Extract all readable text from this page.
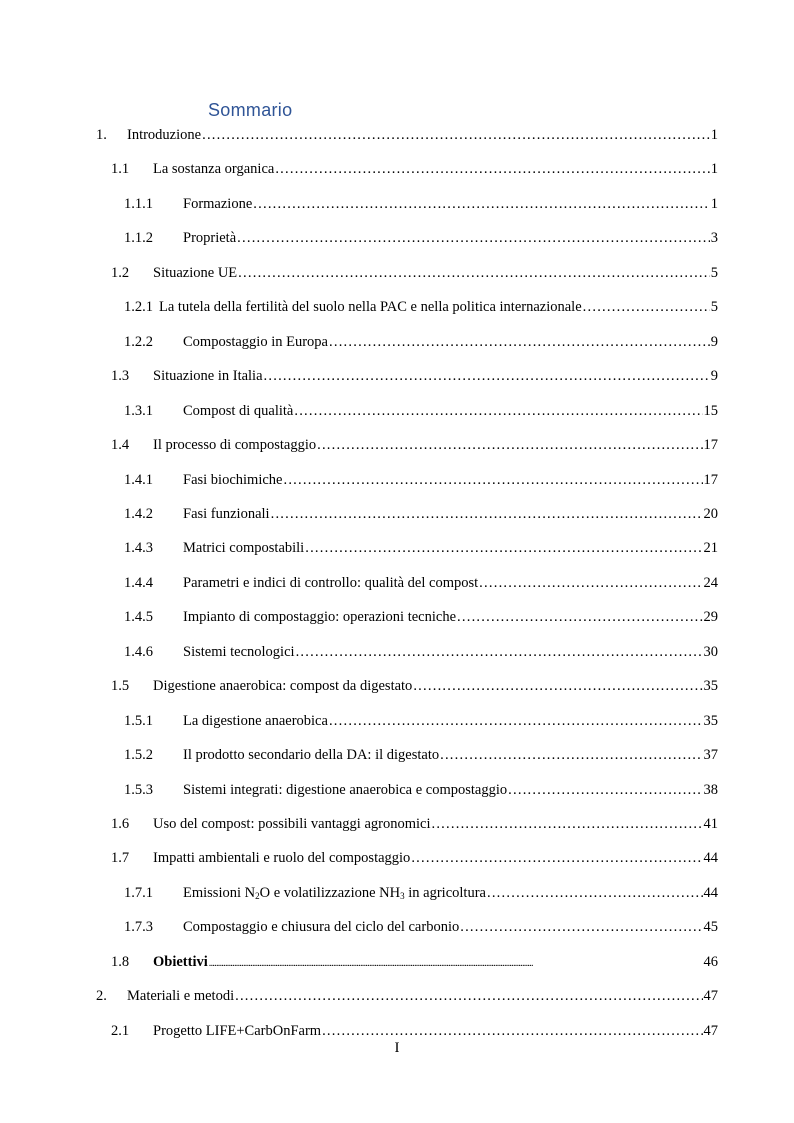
Sommario
1. Introduzione . . .	1
1.1 La sostanza organica . . .	1
1.1.1 Formazione . . .	1
1.1.2 Proprietà . . .	3
1.2 Situazione UE . . .	5
1.2.1 La tutela della fertilità del suolo nella PAC e nella politica internazionale . . .	5
1.2.2 Compostaggio in Europa . . .	9
1.3 Situazione in Italia . . .	9
1.3.1 Compost di qualità . . .	15
1.4 Il processo di compostaggio . . .	17
1.4.1 Fasi biochimiche . . .	17
1.4.2 Fasi funzionali . . .	20
1.4.3 Matrici compostabili . . .	21
1.4.4 Parametri e indici di controllo: qualità del compost . . .	24
1.4.5 Impianto di compostaggio: operazioni tecniche . . .	29
1.4.6 Sistemi tecnologici . . .	30
1.5 Digestione anaerobica: compost da digestato . . .	35
1.5.1 La digestione anaerobica . . .	35
1.5.2 Il prodotto secondario della DA: il digestato . . .	37
1.5.3 Sistemi integrati: digestione anaerobica e compostaggio . . .	38
1.6 Uso del compost: possibili vantaggi agronomici . . .	41
1.7 Impatti ambientali e ruolo del compostaggio . . .	44
1.7.1 Emissioni $N_2O$ e volatilizzazione $NH_3$ in agricoltura . . .	44
1.7.3 Compostaggio e chiusura del ciclo del carbonio . . .	45
1.8 Obiettivi . . .	46
2. Materiali e metodi . . .	47
2.1 Progetto LIFE+CarbOnFarm . . .	47
I
